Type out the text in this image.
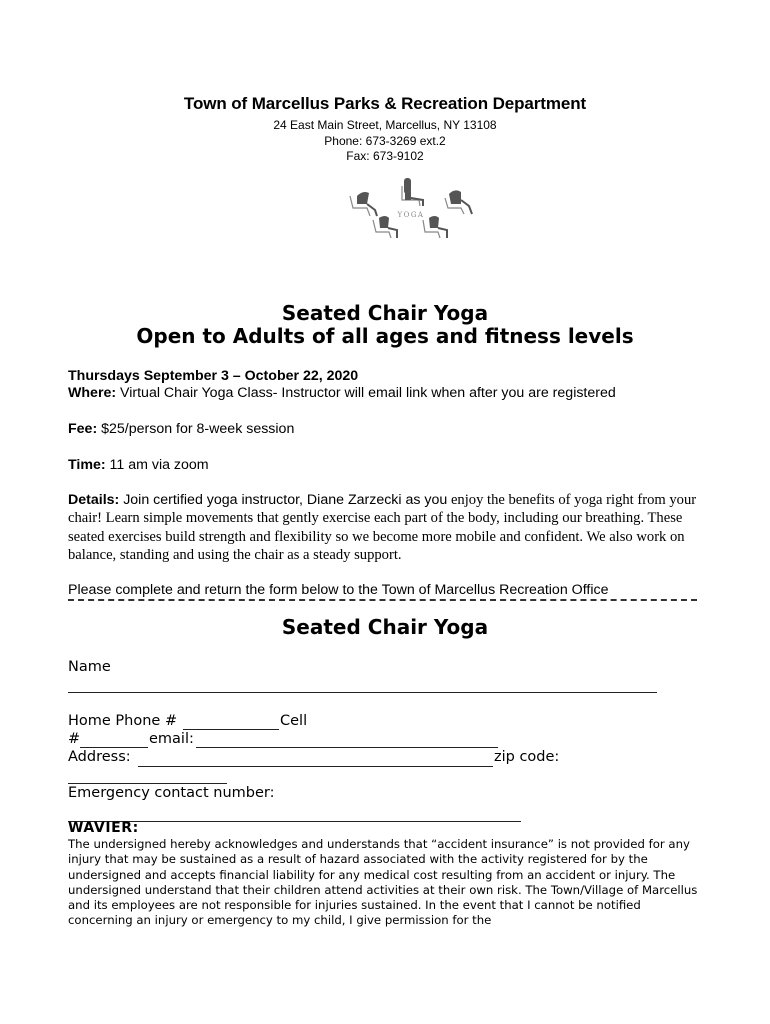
Town of Marcellus Parks & Recreation Department
24 East Main Street, Marcellus, NY 13108
Phone: 673-3269 ext.2
Fax: 673-9102
YOGA
Seated Chair Yoga
Open to Adults of all ages and fitness levels
Thursdays September 3 – October 22, 2020
Where: Virtual Chair Yoga Class- Instructor will email link when after you are registered
Fee: $25/person for 8-week session
Time: 11 am via zoom
Details: Join certified yoga instructor, Diane Zarzecki as you enjoy the benefits of yoga right from your chair! Learn simple movements that gently exercise each part of the body, including our breathing. These seated exercises build strength and flexibility so we become more mobile and confident. We also work on balance, standing and using the chair as a steady support.
Please complete and return the form below to the Town of Marcellus Recreation Office
Seated Chair Yoga
Name
Home Phone #	Cell
#	email:
Address:	zip code:
Emergency contact number:
WAVIER:
The undersigned hereby acknowledges and understands that “accident insurance” is not provided for any injury that may be sustained as a result of hazard associated with the activity registered for by the undersigned and accepts financial liability for any medical cost resulting from an accident or injury. The undersigned understand that their children attend activities at their own risk. The Town/Village of Marcellus and its employees are not responsible for injuries sustained. In the event that I cannot be notified concerning an injury or emergency to my child, I give permission for the
